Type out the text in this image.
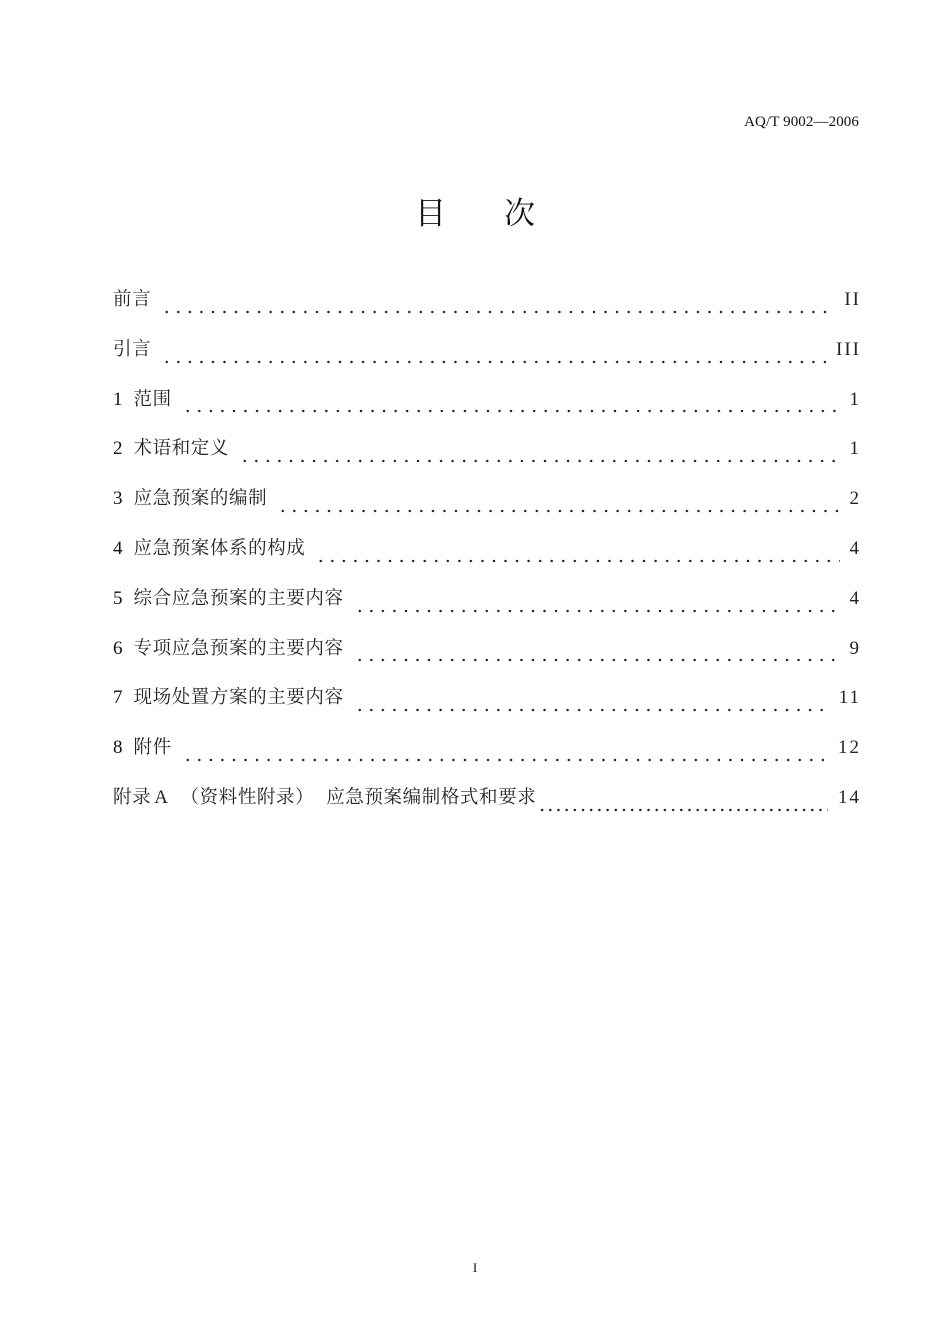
AQ/T 9002—2006
目 次
前言	II
引言	III
1 范围	1
2 术语和定义	1
3 应急预案的编制	2
4 应急预案体系的构成	4
5 综合应急预案的主要内容	4
6 专项应急预案的主要内容	9
7 现场处置方案的主要内容	11
8 附件	12
附录 A （资料性附录） 应急预案编制格式和要求	14
I
